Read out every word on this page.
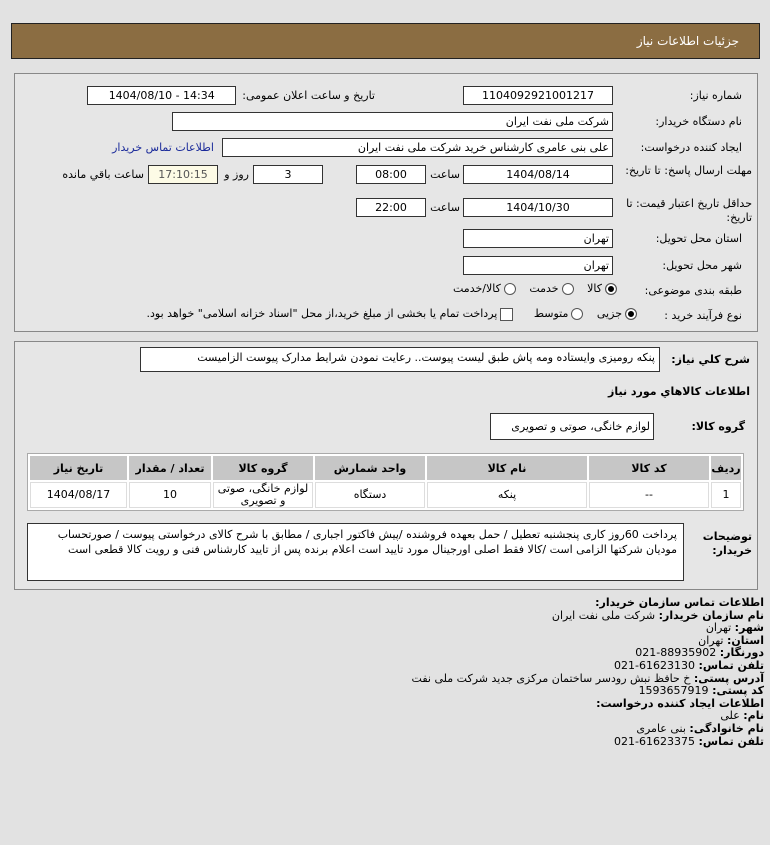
جزئیات اطلاعات نیاز
شماره نیاز:
1104092921001217
تاریخ و ساعت اعلان عمومی:
1404/08/10 - 14:34
نام دستگاه خریدار:
شرکت ملی نفت ایران
ایجاد کننده درخواست:
علی بنی عامری کارشناس خرید شرکت ملی نفت ایران
اطلاعات تماس خریدار
مهلت ارسال پاسخ: تا تاریخ:
1404/08/14
ساعت
08:00
3
روز و
17:10:15
ساعت باقي مانده
حداقل تاریخ اعتبار قیمت: تا تاریخ:
1404/10/30
ساعت
22:00
استان محل تحویل:
تهران
شهر محل تحویل:
تهران
طبقه بندی موضوعی:
کالا   خدمت   کالا/خدمت
نوع فرآیند خرید :
جزیی   متوسط     پرداخت تمام یا بخشی از مبلغ خرید،از محل "اسناد خزانه اسلامی" خواهد بود.
شرح کلي نیاز:
پنکه رومیزی وایستاده ومه پاش طبق لیست پیوست.. رعایت نمودن شرایط مدارک پیوست الزامیست
اطلاعات کالاهاي مورد نیاز
گروه کالا:
لوازم خانگی، صوتی و تصویری
ردیف	کد کالا	نام کالا	واحد شمارش	گروه کالا	تعداد / مقدار	تاریخ نیاز
1	--	پنکه	دستگاه	لوازم خانگی، صوتی و تصویری	10	1404/08/17
توضیحات خریدار:
پرداخت 60روز کاری پنجشنبه تعطیل / حمل بعهده فروشنده /پیش فاکتور اجباری / مطابق با شرح کالای درخواستی پیوست / صورتحساب مودیان شرکتها الزامی است /کالا فقط اصلی اورجینال مورد تایید است اعلام برنده پس از تایید کارشناس فنی و رویت کالا قطعی است
اطلاعات تماس سازمان خریدار:
نام سازمان خریدار: شرکت ملی نفت ایران
شهر: تهران
استان: تهران
دورنگار: 88935902-021
تلفن تماس: 61623130-021
آدرس پستی: خ حافظ نبش رودسر ساختمان مرکزی جدید شرکت ملی نفت
کد پستی: 1593657919
اطلاعات ایجاد کننده درخواست:
نام: علی
نام خانوادگی: بنی عامری
تلفن تماس: 61623375-021
